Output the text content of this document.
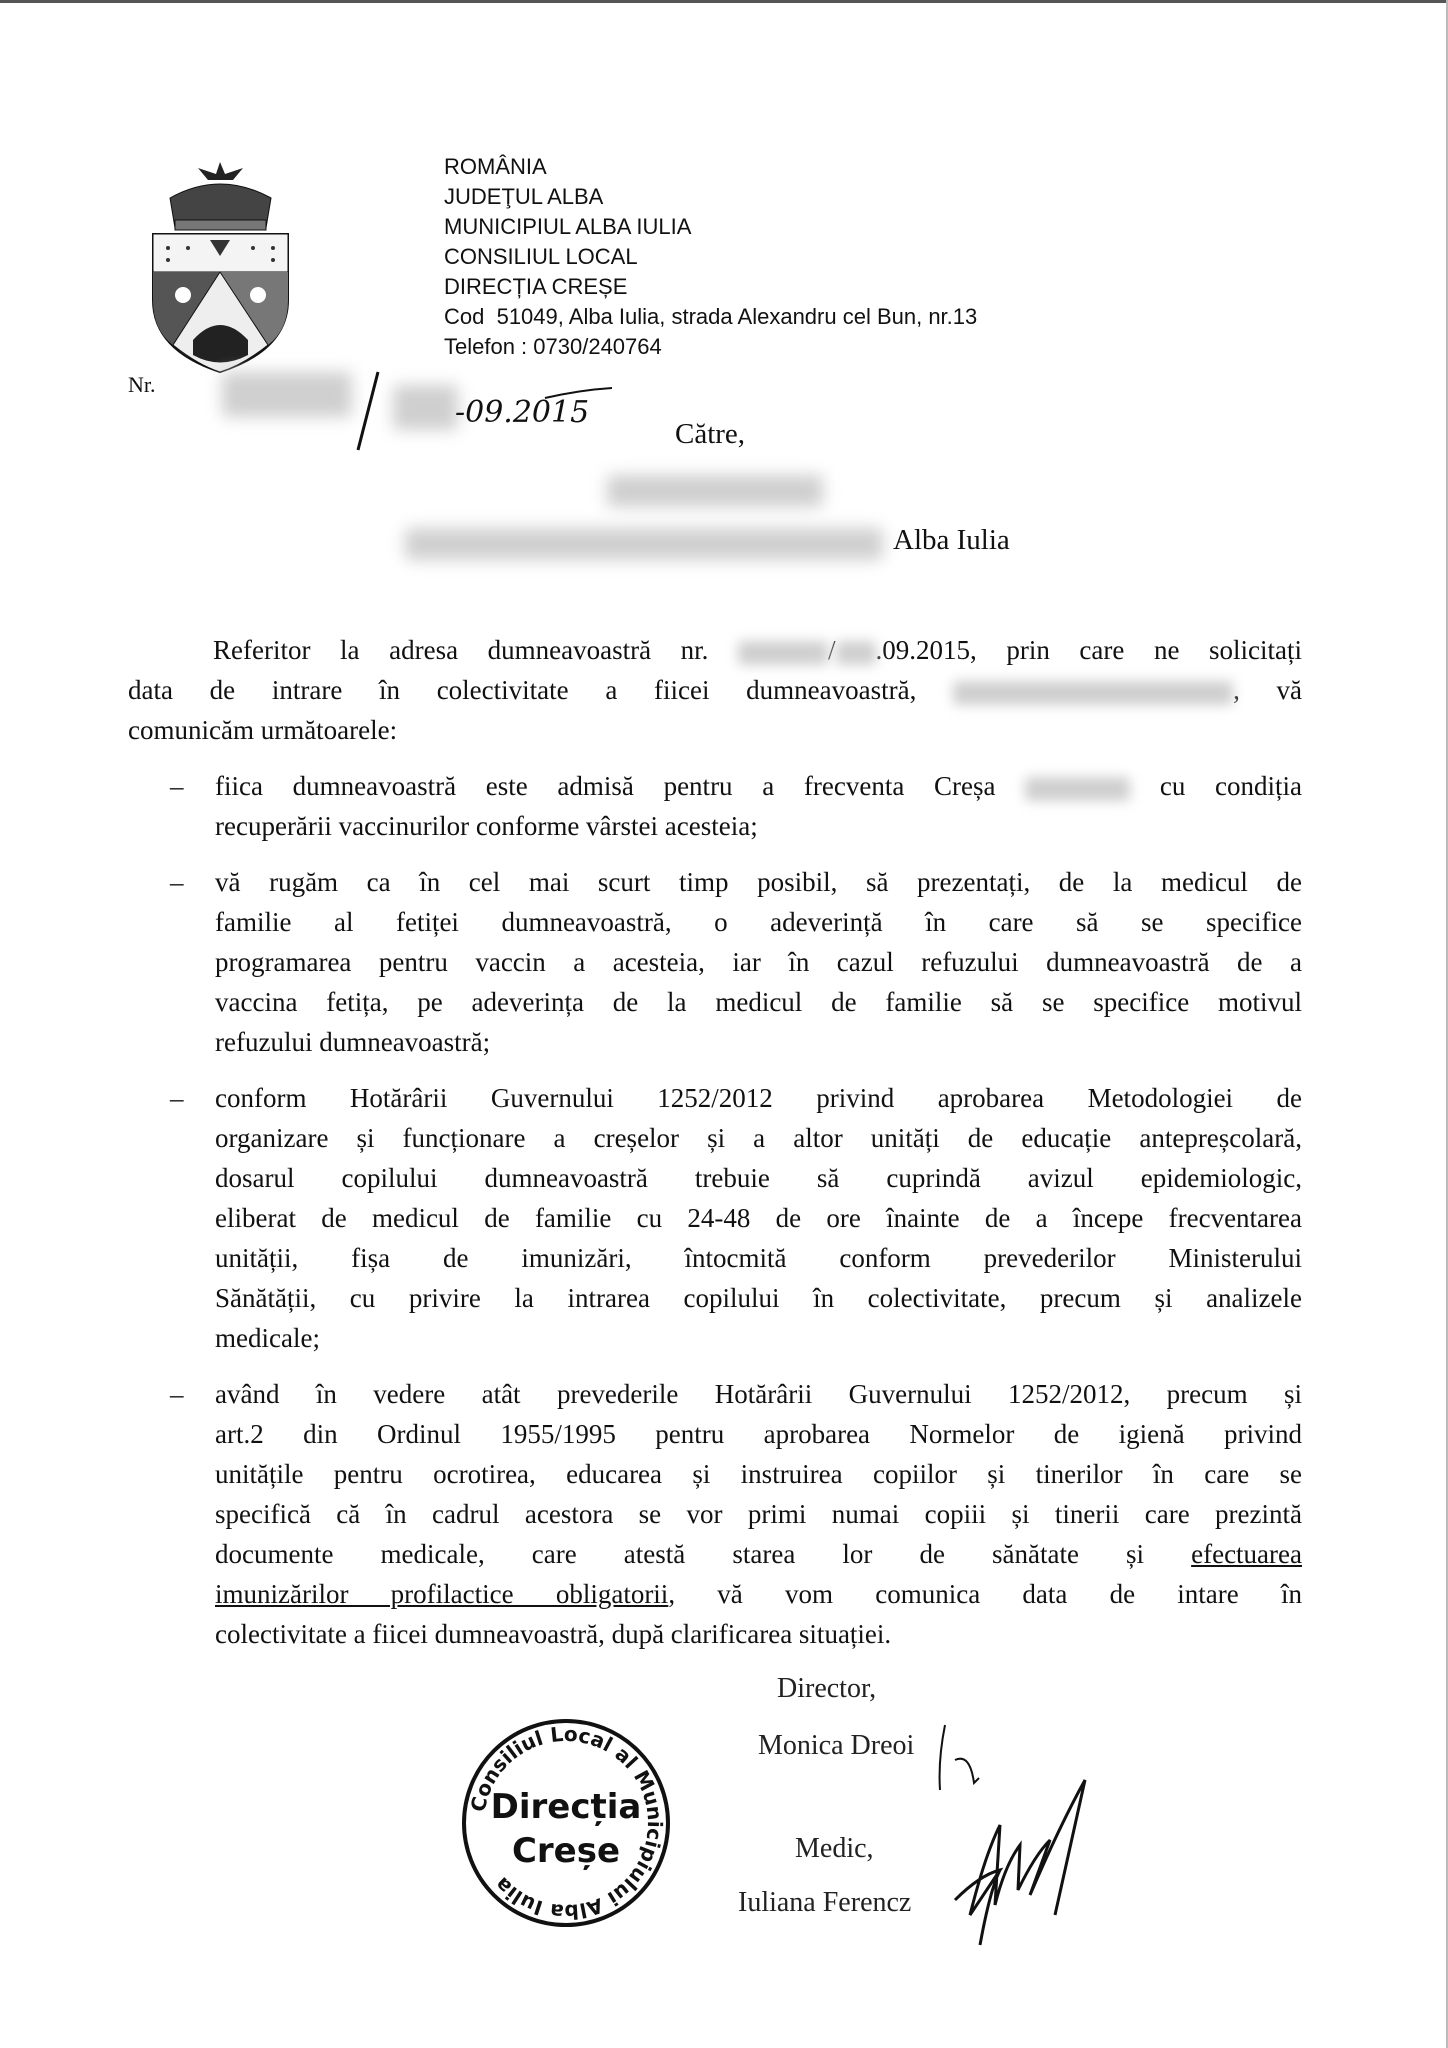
ROMÂNIA
JUDEŢUL ALBA
MUNICIPIUL ALBA IULIA
CONSILIUL LOCAL
DIRECȚIA CREȘE
Cod  51049, Alba Iulia, strada Alexandru cel Bun, nr.13
Telefon : 0730/240764
Nr.
-09.2015
Către,
Alba Iulia
Referitor la adresa dumneavoastră nr.	/ .09.2015, prin care ne solicitați
data de intrare în colectivitate a fiicei dumneavoastră,	, vă
comunicăm următoarele:
– fiica dumneavoastră este admisă pentru a frecventa Creșa	cu condiția
recuperării vaccinurilor conforme vârstei acesteia;
– vă rugăm ca în cel mai scurt timp posibil, să prezentați, de la medicul de
familie al fetiței dumneavoastră, o adeverință în care să se specifice
programarea pentru vaccin a acesteia, iar în cazul refuzului dumneavoastră de a
vaccina fetița, pe adeverința de la medicul de familie să se specifice motivul
refuzului dumneavoastră;
– conform Hotărârii Guvernului 1252/2012 privind aprobarea Metodologiei de
organizare și funcționare a creșelor și a altor unități de educație antepreșcolară,
dosarul copilului dumneavoastră trebuie să cuprindă avizul epidemiologic,
eliberat de medicul de familie cu 24-48 de ore înainte de a începe frecventarea
unității, fișa de imunizări, întocmită conform prevederilor Ministerului
Sănătății, cu privire la intrarea copilului în colectivitate, precum și analizele
medicale;
– având în vedere atât prevederile Hotărârii Guvernului 1252/2012, precum și
art.2 din Ordinul 1955/1995 pentru aprobarea Normelor de igienă privind
unitățile pentru ocrotirea, educarea și instruirea copiilor și tinerilor în care se
specifică că în cadrul acestora se vor primi numai copiii și tinerii care prezintă
documente medicale, care atestă starea lor de sănătate și efectuarea
imunizărilor profilactice obligatorii, vă vom comunica data de intare în
colectivitate a fiicei dumneavoastră, după clarificarea situației.
Consiliul Local al Municipiului Alba Iulia
Direcția
Creșe
Director,
Monica Dreoi
Medic,
Iuliana Ferencz
